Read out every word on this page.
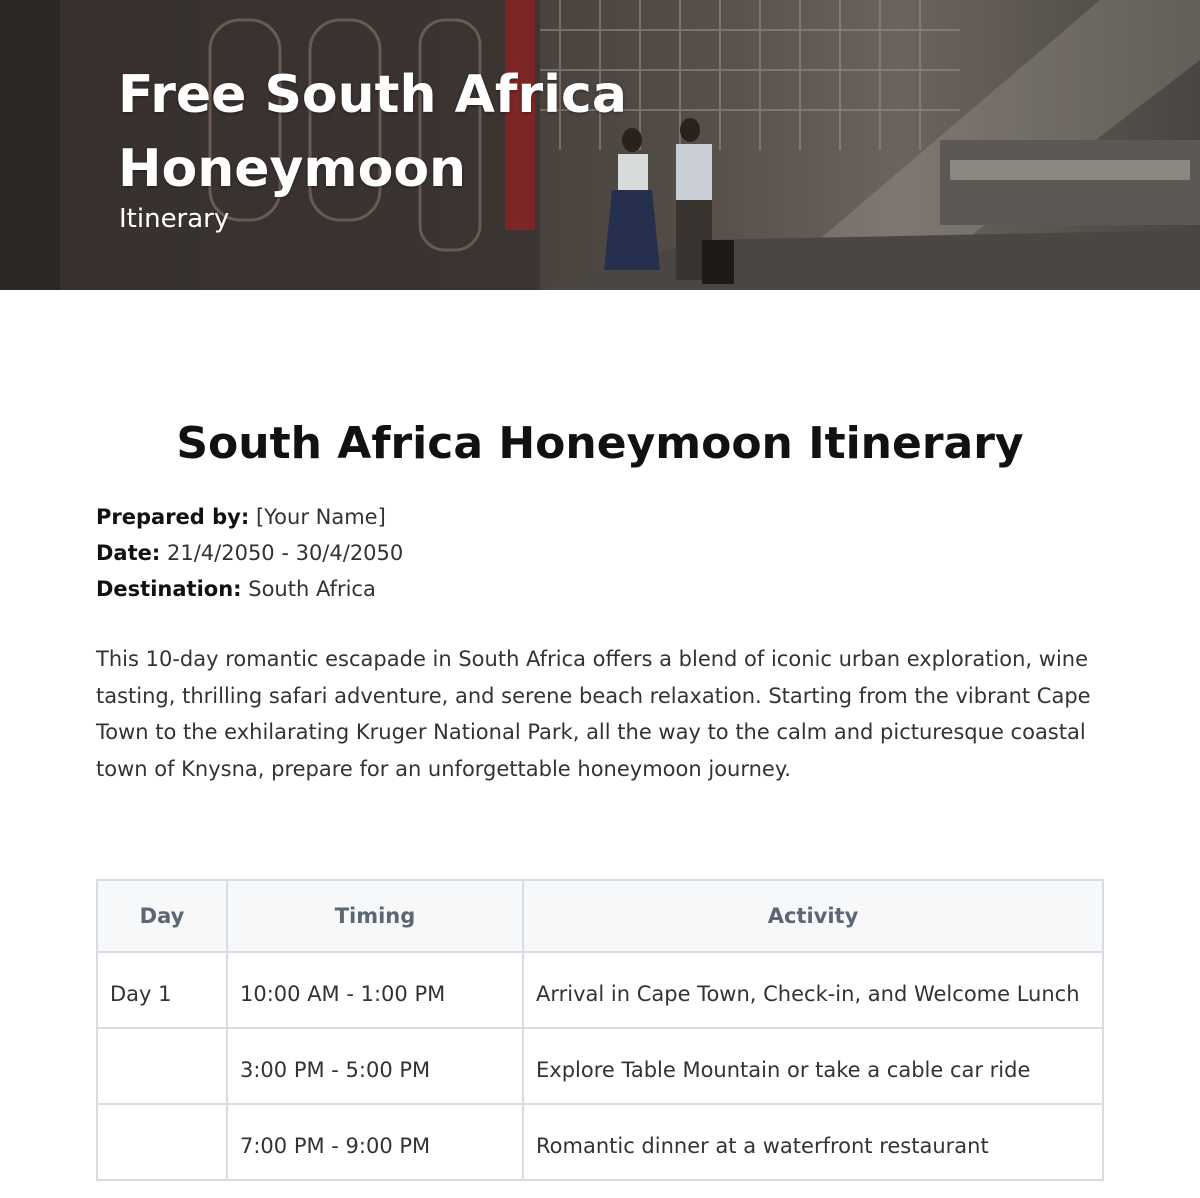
Free South Africa Honeymoon

Itinerary

South Africa Honeymoon Itinerary
Prepared by: [Your Name]
Date: 21/4/2050 - 30/4/2050
Destination: South Africa

This 10-day romantic escapade in South Africa offers a blend of iconic urban exploration, wine tasting, thrilling safari adventure, and serene beach relaxation. Starting from the vibrant Cape Town to the exhilarating Kruger National Park, all the way to the calm and picturesque coastal town of Knysna, prepare for an unforgettable honeymoon journey.

Day	Timing	Activity
Day 1	10:00 AM - 1:00 PM	Arrival in Cape Town, Check-in, and Welcome Lunch
	3:00 PM - 5:00 PM	Explore Table Mountain or take a cable car ride
	7:00 PM - 9:00 PM	Romantic dinner at a waterfront restaurant
